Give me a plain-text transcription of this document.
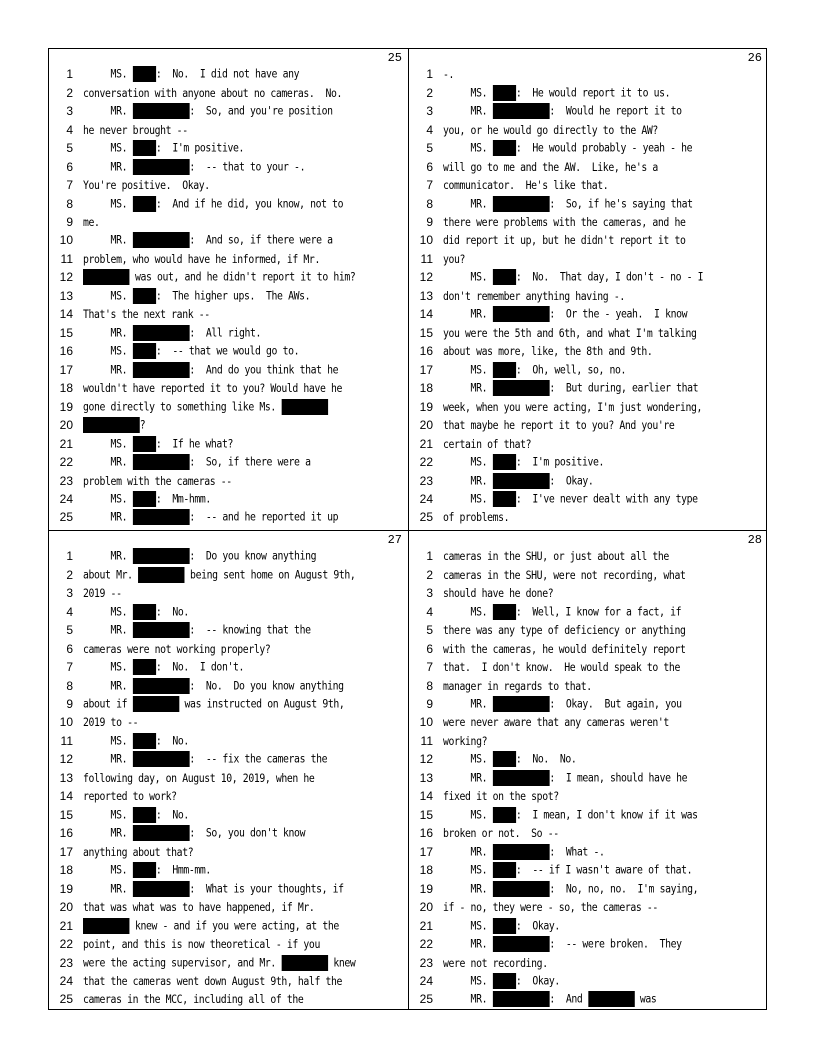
25
1 MS. :  No.  I did not have any
2 conversation with anyone about no cameras.  No.
3 MR.	:  So, and you're position
4 he never brought --
5 MS. :  I'm positive.
6 MR.	:  -- that to your -.
7 You're positive.  Okay.
8 MS. :  And if he did, you know, not to
9 me.
10 MR.	:  And so, if there were a
11 problem, who would have he informed, if Mr.
12	was out, and he didn't report it to him?
13 MS. :  The higher ups.  The AWs.
14 That's the next rank --
15 MR.	:  All right.
16 MS. :  -- that we would go to.
17 MR.	:  And do you think that he
18 wouldn't have reported it to you? Would have he
19 gone directly to something like Ms.
20	?
21 MS. :  If he what?
22 MR.	:  So, if there were a
23 problem with the cameras --
24 MS. :  Mm-hmm.
25 MR.	:  -- and he reported it up
26
1 -.
2 MS. :  He would report it to us.
3 MR.	:  Would he report it to
4 you, or he would go directly to the AW?
5 MS. :  He would probably - yeah - he
6 will go to me and the AW.  Like, he's a
7 communicator.  He's like that.
8 MR.	:  So, if he's saying that
9 there were problems with the cameras, and he
10 did report it up, but he didn't report it to
11 you?
12 MS. :  No.  That day, I don't - no - I
13 don't remember anything having -.
14 MR.	:  Or the - yeah.  I know
15 you were the 5th and 6th, and what I'm talking
16 about was more, like, the 8th and 9th.
17 MS. :  Oh, well, so, no.
18 MR.	:  But during, earlier that
19 week, when you were acting, I'm just wondering,
20 that maybe he report it to you? And you're
21 certain of that?
22 MS. :  I'm positive.
23 MR.	:  Okay.
24 MS. :  I've never dealt with any type
25 of problems.
27
1 MR.	:  Do you know anything
2 about Mr.	being sent home on August 9th,
3 2019 --
4 MS. :  No.
5 MR.	:  -- knowing that the
6 cameras were not working properly?
7 MS. :  No.  I don't.
8 MR.	:  No.  Do you know anything
9 about if	was instructed on August 9th,
10 2019 to --
11 MS. :  No.
12 MR.	:  -- fix the cameras the
13 following day, on August 10, 2019, when he
14 reported to work?
15 MS. :  No.
16 MR.	:  So, you don't know
17 anything about that?
18 MS. :  Hmm-mm.
19 MR.	:  What is your thoughts, if
20 that was what was to have happened, if Mr.
21	knew - and if you were acting, at the
22 point, and this is now theoretical - if you
23 were the acting supervisor, and Mr.	knew
24 that the cameras went down August 9th, half the
25 cameras in the MCC, including all of the
28
1 cameras in the SHU, or just about all the
2 cameras in the SHU, were not recording, what
3 should have he done?
4 MS. :  Well, I know for a fact, if
5 there was any type of deficiency or anything
6 with the cameras, he would definitely report
7 that.  I don't know.  He would speak to the
8 manager in regards to that.
9 MR.	:  Okay.  But again, you
10 were never aware that any cameras weren't
11 working?
12 MS. :  No.  No.
13 MR.	:  I mean, should have he
14 fixed it on the spot?
15 MS. :  I mean, I don't know if it was
16 broken or not.  So --
17 MR.	:  What -.
18 MS. :  -- if I wasn't aware of that.
19 MR.	:  No, no, no.  I'm saying,
20 if - no, they were - so, the cameras --
21 MS. :  Okay.
22 MR.	:  -- were broken.  They
23 were not recording.
24 MS. :  Okay.
25 MR.	:  And	was
